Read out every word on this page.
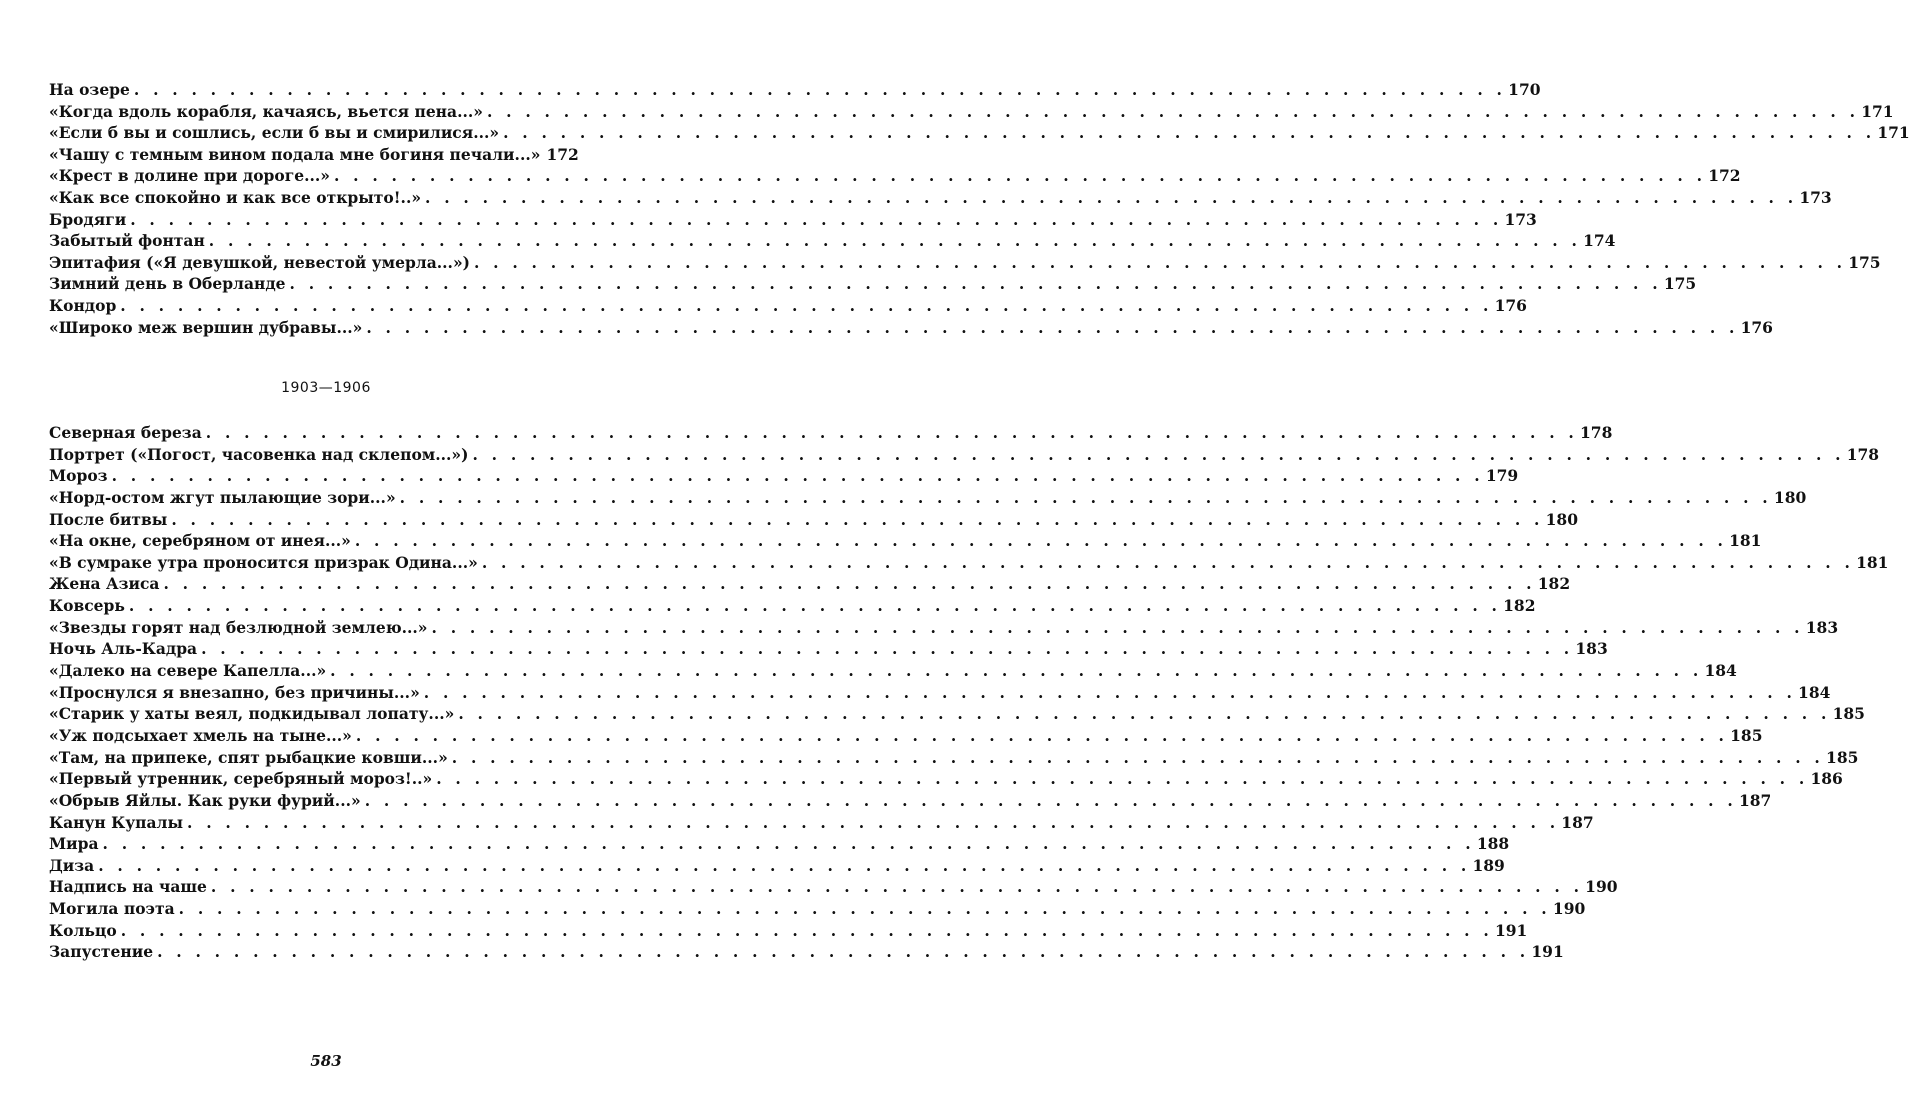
На озере . . .	170
«Когда вдоль корабля, качаясь, вьется пена...» . . .	171
«Если б вы и сошлись, если б вы и смирилися...» . . .	171
«Чашу с темным вином подала мне богиня печали...» 172
«Крест в долине при дороге...» . . .	172
«Как все спокойно и как все открыто!..» . . .	173
Бродяги . . .	173
Забытый фонтан . . .	174
Эпитафия («Я девушкой, невестой умерла...») . . .	175
Зимний день в Оберланде . . .	175
Кондор . . .	176
«Широко меж вершин дубравы...» . . .	176
1903—1906
Северная береза . . .	178
Портрет («Погост, часовенка над склепом...») . . .	178
Мороз . . .	179
«Норд-остом жгут пылающие зори...» . . .	180
После битвы . . .	180
«На окне, серебряном от инея...» . . .	181
«В сумраке утра проносится призрак Одина...» . . .	181
Жена Азиса . . .	182
Ковсерь . . .	182
«Звезды горят над безлюдной землею...» . . .	183
Ночь Аль-Кадра . . .	183
«Далеко на севере Капелла...» . . .	184
«Проснулся я внезапно, без причины...» . . .	184
«Старик у хаты веял, подкидывал лопату...» . . .	185
«Уж подсыхает хмель на тыне...» . . .	185
«Там, на припеке, спят рыбацкие ковши...» . . .	185
«Первый утренник, серебряный мороз!..» . . .	186
«Обрыв Яйлы. Как руки фурий...» . . .	187
Канун Купалы . . .	187
Мира . . .	188
Диза . . .	189
Надпись на чаше . . .	190
Могила поэта . . .	190
Кольцо . . .	191
Запустение . . .	191
583
